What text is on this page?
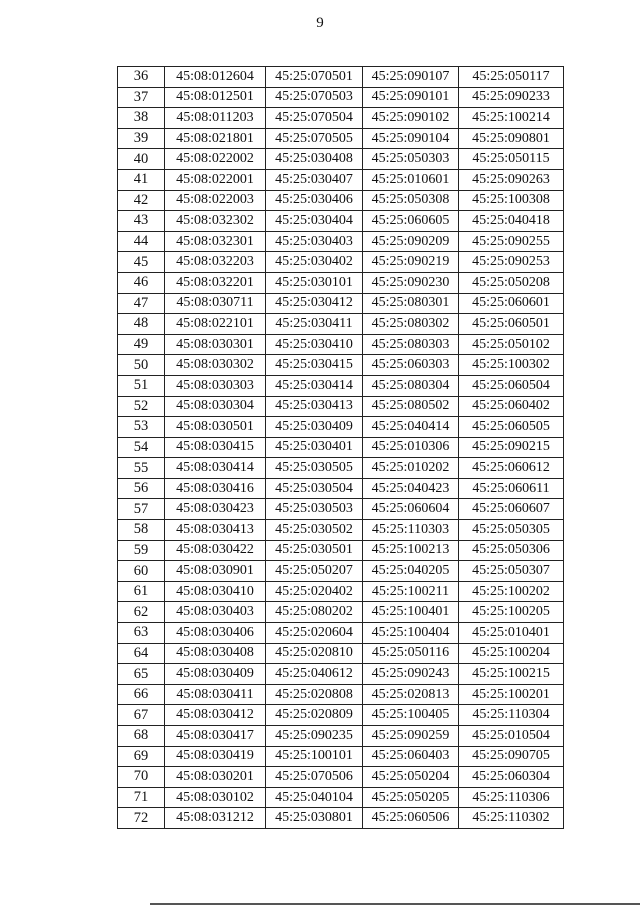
9
36	45:08:012604	45:25:070501	45:25:090107	45:25:050117
37	45:08:012501	45:25:070503	45:25:090101	45:25:090233
38	45:08:011203	45:25:070504	45:25:090102	45:25:100214
39	45:08:021801	45:25:070505	45:25:090104	45:25:090801
40	45:08:022002	45:25:030408	45:25:050303	45:25:050115
41	45:08:022001	45:25:030407	45:25:010601	45:25:090263
42	45:08:022003	45:25:030406	45:25:050308	45:25:100308
43	45:08:032302	45:25:030404	45:25:060605	45:25:040418
44	45:08:032301	45:25:030403	45:25:090209	45:25:090255
45	45:08:032203	45:25:030402	45:25:090219	45:25:090253
46	45:08:032201	45:25:030101	45:25:090230	45:25:050208
47	45:08:030711	45:25:030412	45:25:080301	45:25:060601
48	45:08:022101	45:25:030411	45:25:080302	45:25:060501
49	45:08:030301	45:25:030410	45:25:080303	45:25:050102
50	45:08:030302	45:25:030415	45:25:060303	45:25:100302
51	45:08:030303	45:25:030414	45:25:080304	45:25:060504
52	45:08:030304	45:25:030413	45:25:080502	45:25:060402
53	45:08:030501	45:25:030409	45:25:040414	45:25:060505
54	45:08:030415	45:25:030401	45:25:010306	45:25:090215
55	45:08:030414	45:25:030505	45:25:010202	45:25:060612
56	45:08:030416	45:25:030504	45:25:040423	45:25:060611
57	45:08:030423	45:25:030503	45:25:060604	45:25:060607
58	45:08:030413	45:25:030502	45:25:110303	45:25:050305
59	45:08:030422	45:25:030501	45:25:100213	45:25:050306
60	45:08:030901	45:25:050207	45:25:040205	45:25:050307
61	45:08:030410	45:25:020402	45:25:100211	45:25:100202
62	45:08:030403	45:25:080202	45:25:100401	45:25:100205
63	45:08:030406	45:25:020604	45:25:100404	45:25:010401
64	45:08:030408	45:25:020810	45:25:050116	45:25:100204
65	45:08:030409	45:25:040612	45:25:090243	45:25:100215
66	45:08:030411	45:25:020808	45:25:020813	45:25:100201
67	45:08:030412	45:25:020809	45:25:100405	45:25:110304
68	45:08:030417	45:25:090235	45:25:090259	45:25:010504
69	45:08:030419	45:25:100101	45:25:060403	45:25:090705
70	45:08:030201	45:25:070506	45:25:050204	45:25:060304
71	45:08:030102	45:25:040104	45:25:050205	45:25:110306
72	45:08:031212	45:25:030801	45:25:060506	45:25:110302
